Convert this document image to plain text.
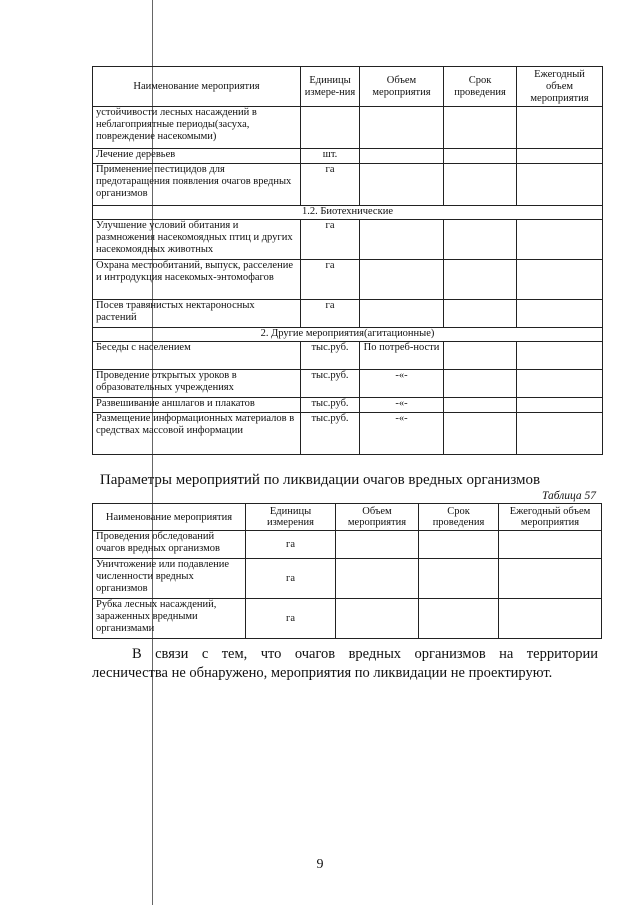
Наименование мероприятия	Единицы измере-ния	Объем мероприятия	Срок проведения	Ежегодный объем мероприятия
устойчивости лесных насаждений в неблагоприятные периоды(засуха, повреждение насекомыми)				
Лечение деревьев	шт.			
Применение пестицидов для предотаращения появления очагов вредных организмов	га			
1.2. Биотехнические				
Улучшение условий обитания и размножения насекомоядных птиц и других насекомоядных животных	га			
Охрана местообитаний, выпуск, расселение и интродукция насекомых-энтомофагов	га			
Посев травянистых нектароносных растений	га			
2. Другие мероприятия(агитационные)				
Беседы с населением	тыс.руб.	По потреб-ности		
Проведение открытых уроков в образовательных учреждениях	тыс.руб.	-«-		
Развешивание аншлагов и плакатов	тыс.руб.	-«-		
Размещение информационных материалов в средствах массовой информации	тыс.руб.	-«-		
Параметры мероприятий по ликвидации очагов вредных организмов
Таблица 57
Наименование мероприятия	Единицы измерения	Объем мероприятия	Срок проведения	Ежегодный объем мероприятия
Проведения обследований очагов вредных организмов	га			
Уничтожение или подавление численности вредных организмов	га			
Рубка лесных насаждений, зараженных вредными организмами	га			
В связи с тем, что очагов вредных организмов на территории
лесничества не обнаружено, мероприятия по ликвидации не проектируют.
9
